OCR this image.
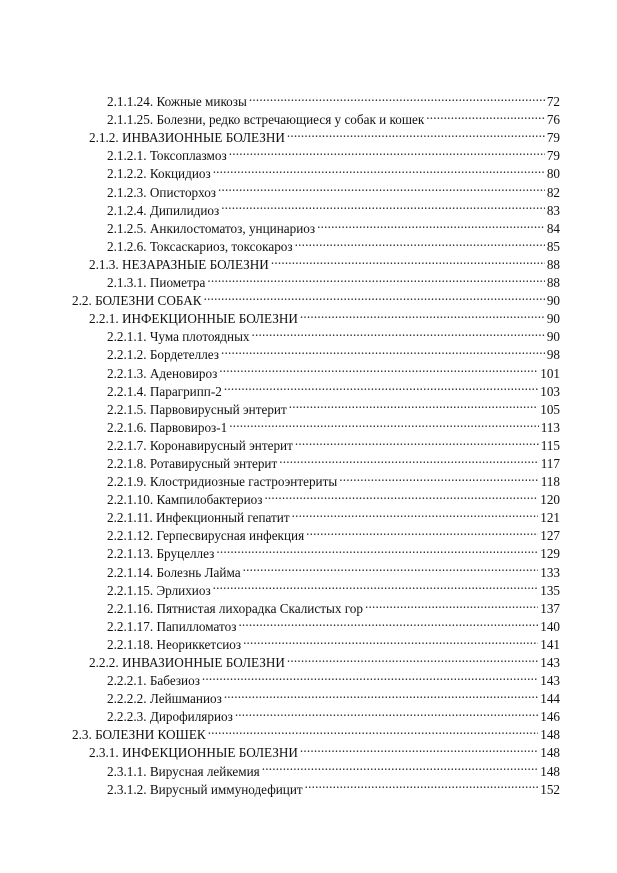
2.1.1.24. Кожные микозы .....	72
2.1.1.25. Болезни, редко встречающиеся у собак и кошек .....	76
2.1.2. ИНВАЗИОННЫЕ БОЛЕЗНИ .....	79
2.1.2.1. Токсоплазмоз .....	79
2.1.2.2. Кокцидиоз .....	80
2.1.2.3. Описторхоз .....	82
2.1.2.4. Дипилидиоз .....	83
2.1.2.5. Анкилостоматоз, унцинариоз .....	84
2.1.2.6. Токсаскариоз, токсокароз .....	85
2.1.3. НЕЗАРАЗНЫЕ БОЛЕЗНИ .....	88
2.1.3.1. Пиометра .....	88
2.2. БОЛЕЗНИ СОБАК .....	90
2.2.1. ИНФЕКЦИОННЫЕ БОЛЕЗНИ .....	90
2.2.1.1. Чума плотоядных .....	90
2.2.1.2. Бордетеллез .....	98
2.2.1.3. Аденовироз .....	101
2.2.1.4. Парагрипп-2 .....	103
2.2.1.5. Парвовирусный энтерит .....	105
2.2.1.6. Парвовироз-1 .....	113
2.2.1.7. Коронавирусный энтерит .....	115
2.2.1.8. Ротавирусный энтерит .....	117
2.2.1.9. Клостридиозные гастроэнтериты .....	118
2.2.1.10. Кампилобактериоз .....	120
2.2.1.11. Инфекционный гепатит .....	121
2.2.1.12. Герпесвирусная инфекция .....	127
2.2.1.13. Бруцеллез .....	129
2.2.1.14. Болезнь Лайма .....	133
2.2.1.15. Эрлихиоз .....	135
2.2.1.16. Пятнистая лихорадка Скалистых гор .....	137
2.2.1.17. Папилломатоз .....	140
2.2.1.18. Неориккетсиоз .....	141
2.2.2. ИНВАЗИОННЫЕ БОЛЕЗНИ .....	143
2.2.2.1. Бабезиоз .....	143
2.2.2.2. Лейшманиоз .....	144
2.2.2.3. Дирофиляриоз .....	146
2.3. БОЛЕЗНИ КОШЕК .....	148
2.3.1. ИНФЕКЦИОННЫЕ БОЛЕЗНИ .....	148
2.3.1.1. Вирусная лейкемия .....	148
2.3.1.2. Вирусный иммунодефицит .....	152
